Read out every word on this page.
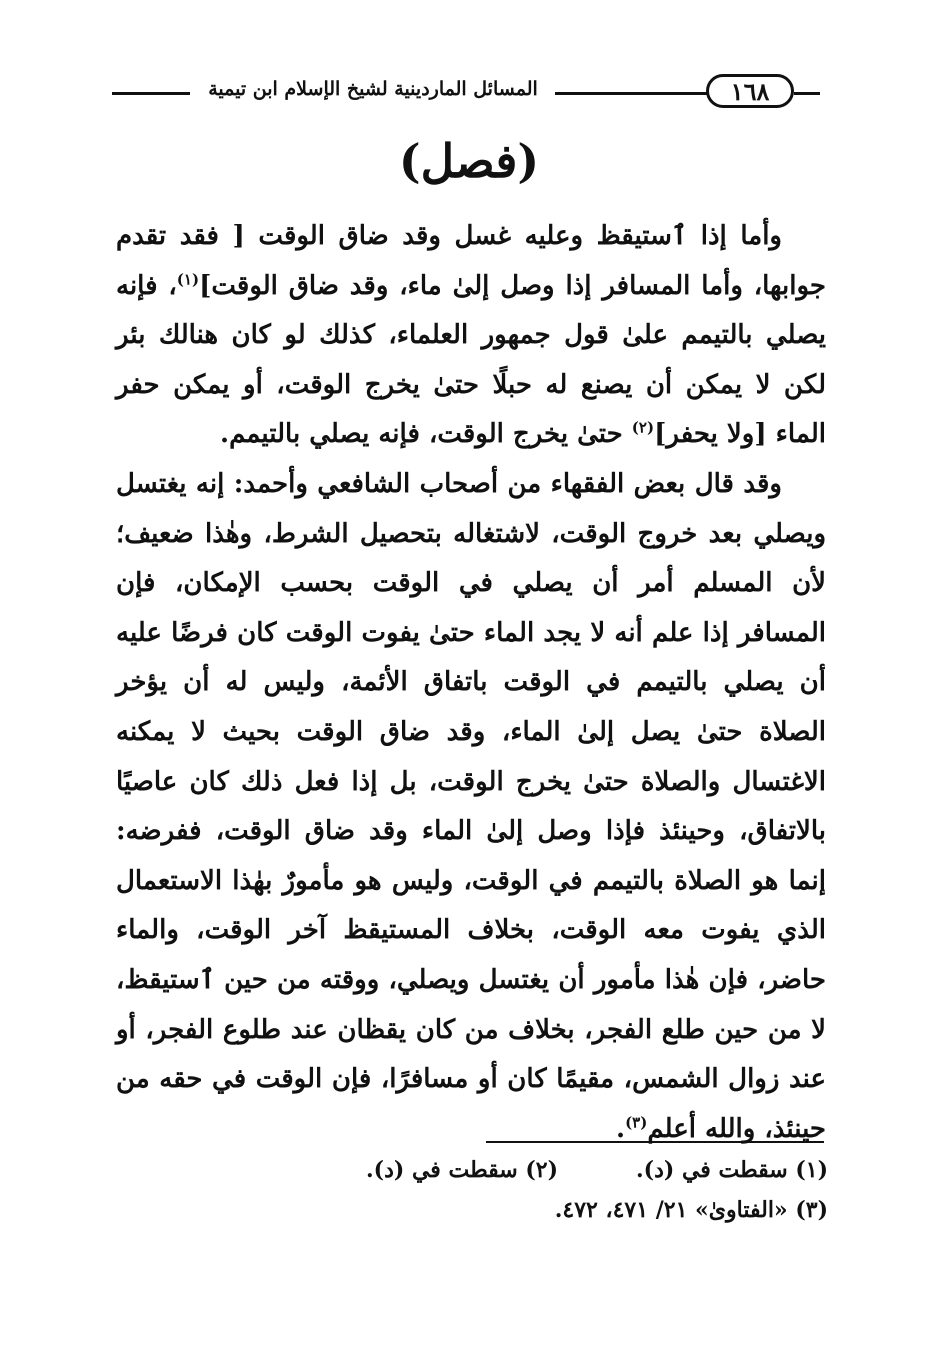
المسائل الماردينية لشيخ الإسلام ابن تيمية	١٦٨
(فصل)

وأما إذا ٱستيقظ وعليه غسل وقد ضاق الوقت [ فقد تقدم جوابها، وأما المسافر إذا وصل إلىٰ ماء، وقد ضاق الوقت]$^{(١)}$، فإنه يصلي بالتيمم علىٰ قول جمهور العلماء، كذلك لو كان هنالك بئر لكن لا يمكن أن يصنع له حبلًا حتىٰ يخرج الوقت، أو يمكن حفر الماء [ولا يحفر]$^{(٢)}$ حتىٰ يخرج الوقت، فإنه يصلي بالتيمم.

وقد قال بعض الفقهاء من أصحاب الشافعي وأحمد: إنه يغتسل ويصلي بعد خروج الوقت، لاشتغاله بتحصيل الشرط، وهٰذا ضعيف؛ لأن المسلم أمر أن يصلي في الوقت بحسب الإمكان، فإن المسافر إذا علم أنه لا يجد الماء حتىٰ يفوت الوقت كان فرضًا عليه أن يصلي بالتيمم في الوقت باتفاق الأئمة، وليس له أن يؤخر الصلاة حتىٰ يصل إلىٰ الماء، وقد ضاق الوقت بحيث لا يمكنه الاغتسال والصلاة حتىٰ يخرج الوقت، بل إذا فعل ذلك كان عاصيًا بالاتفاق، وحينئذ فإذا وصل إلىٰ الماء وقد ضاق الوقت، ففرضه: إنما هو الصلاة بالتيمم في الوقت، وليس هو مأمورٌ بهٰذا الاستعمال الذي يفوت معه الوقت، بخلاف المستيقظ آخر الوقت، والماء حاضر، فإن هٰذا مأمور أن يغتسل ويصلي، ووقته من حين ٱستيقظ، لا من حين طلع الفجر، بخلاف من كان يقظان عند طلوع الفجر، أو عند زوال الشمس، مقيمًا كان أو مسافرًا، فإن الوقت في حقه من حينئذ، والله أعلم$^{(٣)}$.

(١) سقطت في (د).
(٢) سقطت في (د).
(٣) «الفتاوىٰ» ٢١/ ٤٧١، ٤٧٢.
